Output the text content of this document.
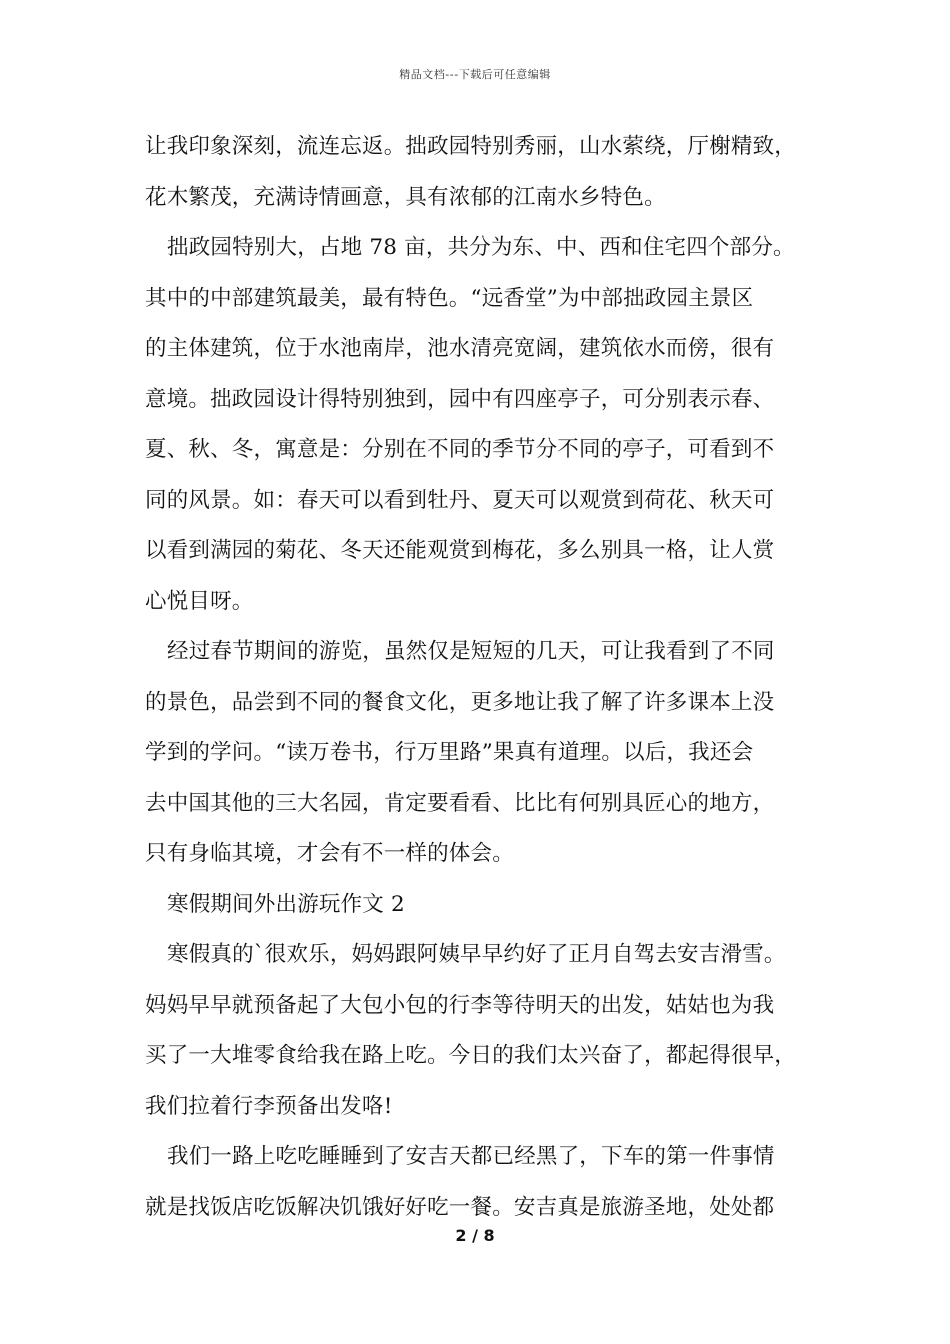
精品文档---下载后可任意编辑
让我印象深刻，流连忘返。拙政园特别秀丽，山水萦绕，厅榭精致，
花木繁茂，充满诗情画意，具有浓郁的江南水乡特色。
拙政园特别大，占地 78 亩，共分为东、中、西和住宅四个部分。
其中的中部建筑最美，最有特色。“远香堂”为中部拙政园主景区
的主体建筑，位于水池南岸，池水清亮宽阔，建筑依水而傍，很有
意境。拙政园设计得特别独到，园中有四座亭子，可分别表示春、
夏、秋、冬，寓意是：分别在不同的季节分不同的亭子，可看到不
同的风景。如：春天可以看到牡丹、夏天可以观赏到荷花、秋天可
以看到满园的菊花、冬天还能观赏到梅花，多么别具一格，让人赏
心悦目呀。
经过春节期间的游览，虽然仅是短短的几天，可让我看到了不同
的景色，品尝到不同的餐食文化，更多地让我了解了许多课本上没
学到的学问。“读万卷书，行万里路”果真有道理。以后，我还会
去中国其他的三大名园，肯定要看看、比比有何别具匠心的地方，
只有身临其境，才会有不一样的体会。
寒假期间外出游玩作文 2
寒假真的`很欢乐，妈妈跟阿姨早早约好了正月自驾去安吉滑雪。
妈妈早早就预备起了大包小包的行李等待明天的出发，姑姑也为我
买了一大堆零食给我在路上吃。今日的我们太兴奋了，都起得很早，
我们拉着行李预备出发咯!
我们一路上吃吃睡睡到了安吉天都已经黑了，下车的第一件事情
就是找饭店吃饭解决饥饿好好吃一餐。安吉真是旅游圣地，处处都
2 / 8
